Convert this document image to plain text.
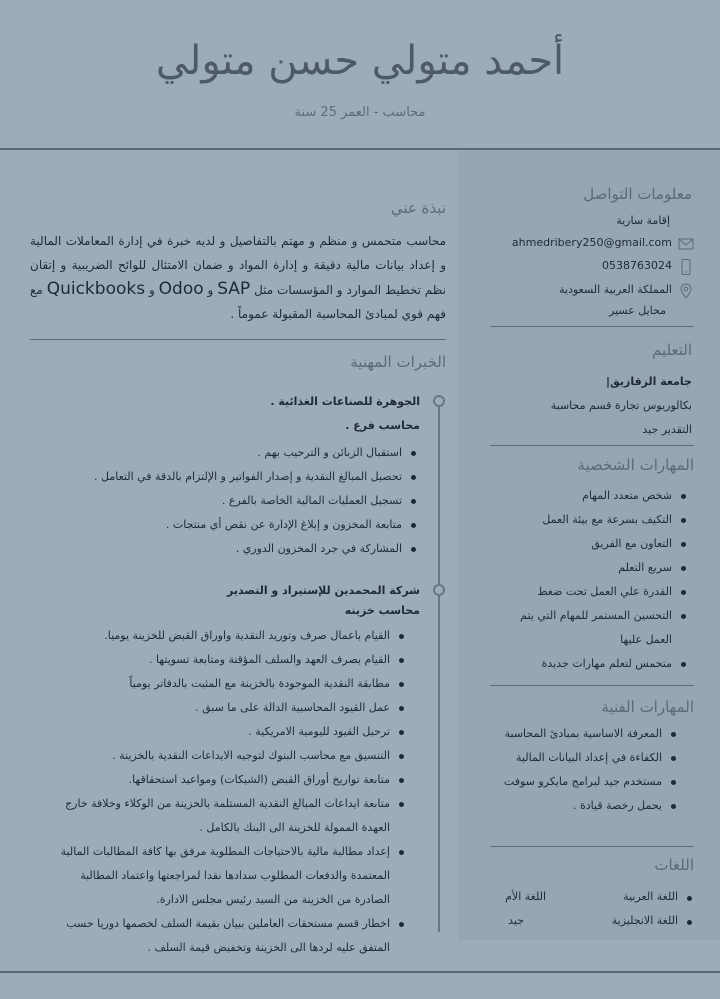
أحمد متولي حسن متولي
محاسب - العمر 25 سنة
معلومات التواصل
إقامة سارية
ahmedribery250@gmail.com
0538763024
المملكة العربية السعودية
محايل عسير
التعليم
جامعة الزقازيق|
بكالوريوس تجارة قسم محاسبة
التقدير جيد
المهارات الشخصية
شخص متعدد المهام
التكيف بسرعة مع بيئة العمل
التعاون مع الفريق
سريع التعلم
القدرة علي العمل تحت ضغط
التحسين المستمر للمهام التي يتم العمل عليها
متحمس لتعلم مهارات جديدة
المهارات الفنية
المعرفة الاساسية بمبادئ المحاسبة
الكفاءة في إعداد البيانات المالية
مستخدم جيد لبرامج مايكرو سوفت
يحمل رخصة قيادة .
اللغات
اللغة العربية
اللغة الأم
اللغة الانجليزية
جيد
نبذة عني
محاسب متحمس و منظم و مهتم بالتفاصيل و لديه خبرة في إدارة المعاملات المالية و إعداد بيانات مالية دقيقة و إدارة المواد و ضمان الامتثال للوائح الضريبية و إتقان نظم تخطيط الموارد و المؤسسات مثل SAP و Odoo و Quickbooks مع فهم قوي لمبادئ المحاسبة المقبولة عموماً .
الخبرات المهنية
الجوهرة للصناعات الغذائية .
محاسب فرع .
استقبال الزبائن و الترحيب بهم .
تحصيل المبالغ النقدية و إصدار الفواتير و الإلتزام بالدقة في التعامل .
تسجيل العمليات المالية الخاصة بالفرع .
متابعة المخزون و إبلاغ الإدارة عن نقص أي منتجات .
المشاركة في جرد المخزون الدوري .
شركة المحمدين للإستيراد و التصدير
محاسب خزينه
القيام باعمال صرف وتوريد النقدية واوراق القبض للخزينة يوميا.
القيام بصرف العهد والسلف المؤقتة ومتابعة تسويتها .
مطابقة النقدية الموجودة بالخزينة مع المثبت بالدفاتر يومياً
عمل القيود المحاسبية الدالة على ما سبق .
ترحيل القيود لليومية الامريكية .
التنسيق مع محاسب البنوك لتوجيه الايداعات النقدية بالخزينة .
متابعة تواريخ أوراق القبض (الشيكات) ومواعيد استحقاقها.
متابعة ايداعات المبالغ النقدية المستلمة بالخزينة من الوكلاء وخلافة خارج العهدة الممولة للخزينة الى البنك بالكامل .
إعداد مطالبة مالية بالاحتياجات المطلوبة مرفق بها كافة المطالبات المالية المعتمدة والدفعات المطلوب سدادها نقدا لمراجعتها واعتماد المطالبة الصادرة من الخزينة من السيد رئيس مجلس الادارة.
اخطار قسم مستحقات العاملين ببيان بقيمة السلف لخصمها دوريا حسب المتفق عليه لردها الى الخزينة وتخفيض قيمة السلف .
